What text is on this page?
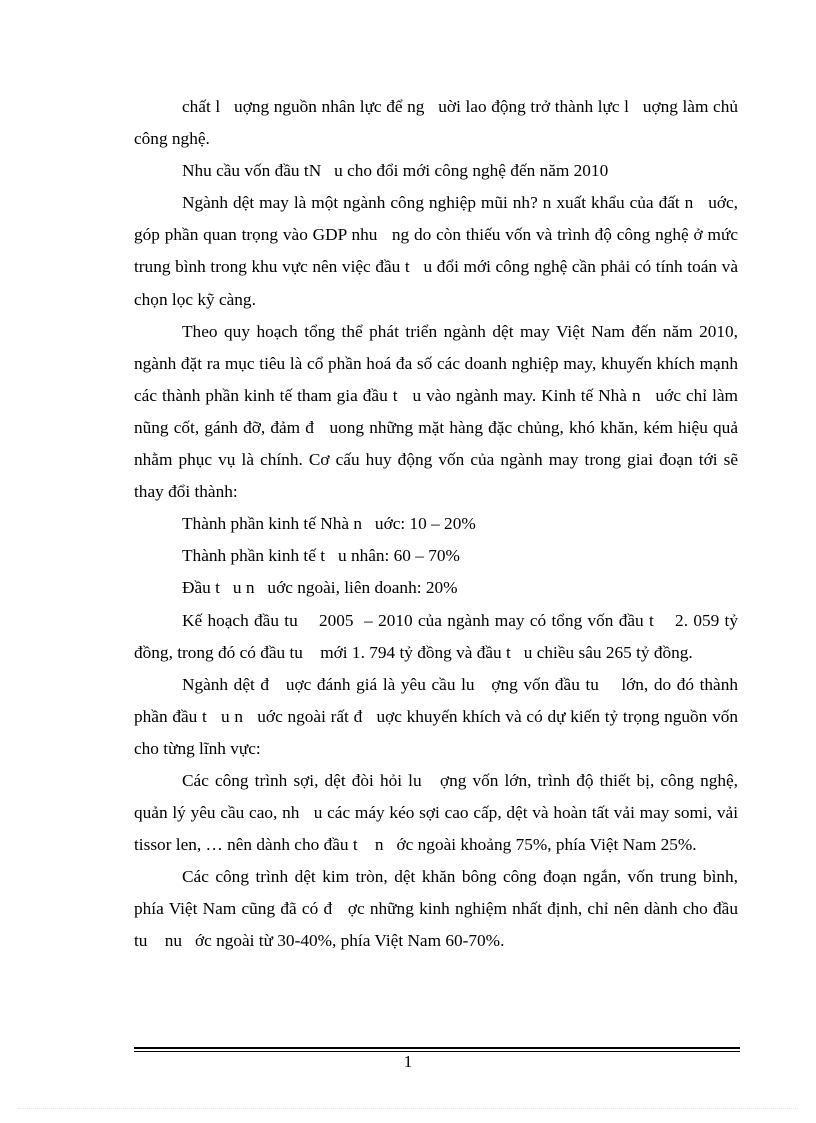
chất l   uợng nguồn nhân lực để ng   uời lao động trở thành lực l   uợng làm chủ công nghệ.

Nhu cầu vốn đầu tN   u cho đổi mới công nghệ đến năm 2010

Ngành dệt may là một ngành công nghiệp mũi nh? n xuất khẩu của đất n   uớc, góp phần quan trọng vào GDP nhu   ng do còn thiếu vốn và trình độ công nghệ ở mức trung bình trong khu vực nên việc đầu t   u đổi mới công nghệ cần phải có tính toán và chọn lọc kỹ càng.

Theo quy hoạch tổng thể phát triển ngành dệt may Việt Nam đến năm 2010, ngành đặt ra mục tiêu là cổ phần hoá đa số các doanh nghiệp may, khuyến khích mạnh các thành phần kinh tế tham gia đầu t   u vào ngành may. Kinh tế Nhà n   uớc chỉ làm nũng cốt, gánh đỡ, đảm đ   uong những mặt hàng đặc chủng, khó khăn, kém hiệu quả nhằm phục vụ là chính. Cơ cấu huy động vốn của ngành may trong giai đoạn tới sẽ thay đổi thành:

Thành phần kinh tế Nhà n   uớc: 10 – 20%

Thành phần kinh tế t   u nhân: 60 – 70%

Đầu t   u n   uớc ngoài, liên doanh: 20%

Kế hoạch đầu tu    2005  – 2010 của ngành may có tổng vốn đầu t    2. 059 tỷ đồng, trong đó có đầu tu    mới 1. 794 tỷ đồng và đầu t   u chiều sâu 265 tỷ đồng.

Ngành dệt đ   uợc đánh giá là yêu cầu lu   ợng vốn đầu tu    lớn, do đó thành phần đầu t   u n   uớc ngoài rất đ   uợc khuyến khích và có dự kiến tỷ trọng nguồn vốn cho từng lĩnh vực:

Các công trình sợi, dệt đòi hỏi lu   ợng vốn lớn, trình độ thiết bị, công nghệ, quản lý yêu cầu cao, nh   u các máy kéo sợi cao cấp, dệt và hoàn tất vải may somi, vải tissor len, … nên dành cho đầu t    n   ớc ngoài khoảng 75%, phía Việt Nam 25%.

Các công trình dệt kim tròn, dệt khăn bông công đoạn ngắn, vốn trung bình, phía Việt Nam cũng đã có đ   ợc những kinh nghiệm nhất định, chỉ nên dành cho đầu tu    nu   ớc ngoài từ 30-40%, phía Việt Nam 60-70%.

1
